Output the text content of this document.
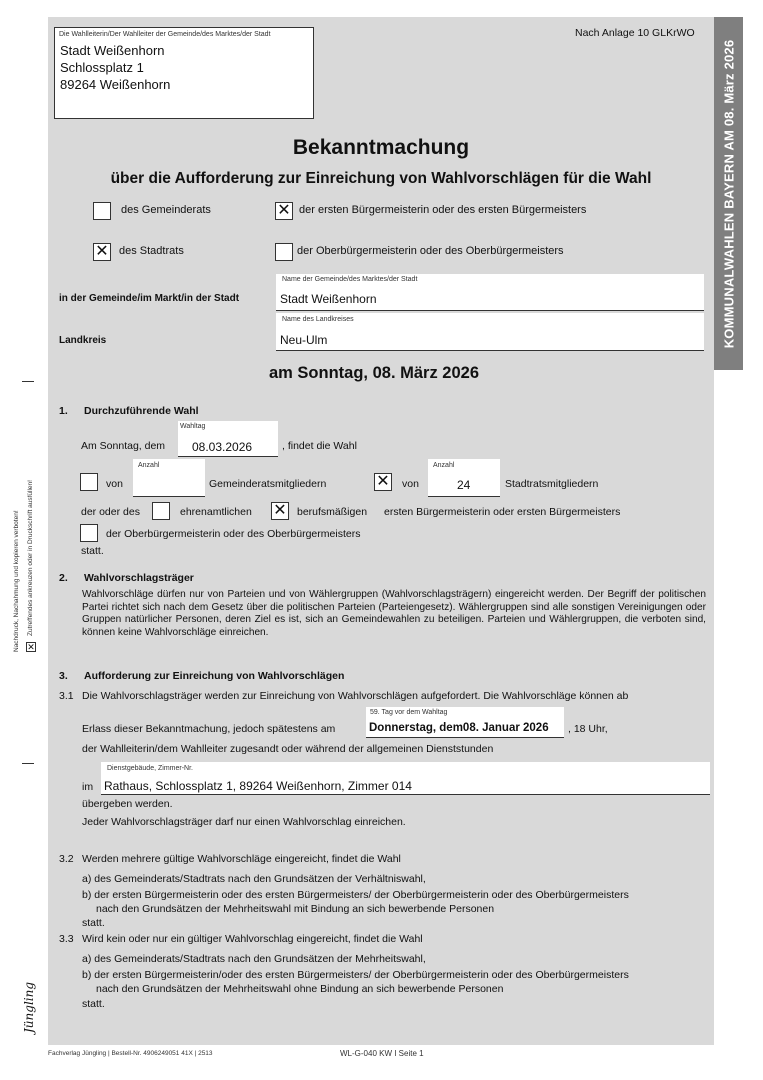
KOMMUNALWAHLEN BAYERN AM 08. März 2026
Die Wahlleiterin/Der Wahlleiter der Gemeinde/des Marktes/der Stadt
Stadt Weißenhorn
Schlossplatz 1
89264 Weißenhorn
Nach Anlage 10 GLKrWO
Bekanntmachung
über die Aufforderung zur Einreichung von Wahlvorschlägen für die Wahl
des Gemeinderats	✕ der ersten Bürgermeisterin oder des ersten Bürgermeisters
✕ des Stadtrats	der Oberbürgermeisterin oder des Oberbürgermeisters
in der Gemeinde/im Markt/in der Stadt
Name der Gemeinde/des Marktes/der Stadt
Stadt Weißenhorn
Landkreis
Name des Landkreises
Neu-Ulm
am Sonntag, 08. März 2026
1. Durchzuführende Wahl
Am Sonntag, dem
Wahltag
08.03.2026	, findet die Wahl
von
Anzahl
Gemeinderatsmitgliedern	✕ von
Anzahl
24	Stadtratsmitgliedern
der oder des	ehrenamtlichen ✕ berufsmäßigen ersten Bürgermeisterin oder ersten Bürgermeisters
der Oberbürgermeisterin oder des Oberbürgermeisters
statt.
2. Wahlvorschlagsträger
Wahlvorschläge dürfen nur von Parteien und von Wählergruppen (Wahlvorschlagsträgern) eingereicht werden. Der Begriff der politischen Partei richtet sich nach dem Gesetz über die politischen Parteien (Parteiengesetz). Wählergruppen sind alle sonstigen Vereinigungen oder Gruppen natürlicher Personen, deren Ziel es ist, sich an Gemeindewahlen zu beteiligen. Parteien und Wählergruppen, die verboten sind, können keine Wahlvorschläge einreichen.
3. Aufforderung zur Einreichung von Wahlvorschlägen
3.1 Die Wahlvorschlagsträger werden zur Einreichung von Wahlvorschlägen aufgefordert. Die Wahlvorschläge können ab
Erlass dieser Bekanntmachung, jedoch spätestens am
59. Tag vor dem Wahltag
Donnerstag, dem08. Januar 2026 , 18 Uhr,
der Wahlleiterin/dem Wahlleiter zugesandt oder während der allgemeinen Dienststunden
im
Dienstgebäude, Zimmer-Nr.
Rathaus, Schlossplatz 1, 89264 Weißenhorn, Zimmer 014
übergeben werden.
Jeder Wahlvorschlagsträger darf nur einen Wahlvorschlag einreichen.
3.2 Werden mehrere gültige Wahlvorschläge eingereicht, findet die Wahl
a) des Gemeinderats/Stadtrats nach den Grundsätzen der Verhältniswahl,
b) der ersten Bürgermeisterin oder des ersten Bürgermeisters/ der Oberbürgermeisterin oder des Oberbürgermeisters
nach den Grundsätzen der Mehrheitswahl mit Bindung an sich bewerbende Personen
statt.
3.3 Wird kein oder nur ein gültiger Wahlvorschlag eingereicht, findet die Wahl
a) des Gemeinderats/Stadtrats nach den Grundsätzen der Mehrheitswahl,
b) der ersten Bürgermeisterin/oder des ersten Bürgermeisters/ der Oberbürgermeisterin oder des Oberbürgermeisters
nach den Grundsätzen der Mehrheitswahl ohne Bindung an sich bewerbende Personen
statt.
Nachdruck, Nachahmung und kopieren verboten! ✕
Zutreffendes ankreuzen oder in Druckschrift ausfüllen!
Jüngling
Fachverlag Jüngling | Bestell-Nr. 4906249051 41X | 2513	WL-G-040 KW I Seite 1
